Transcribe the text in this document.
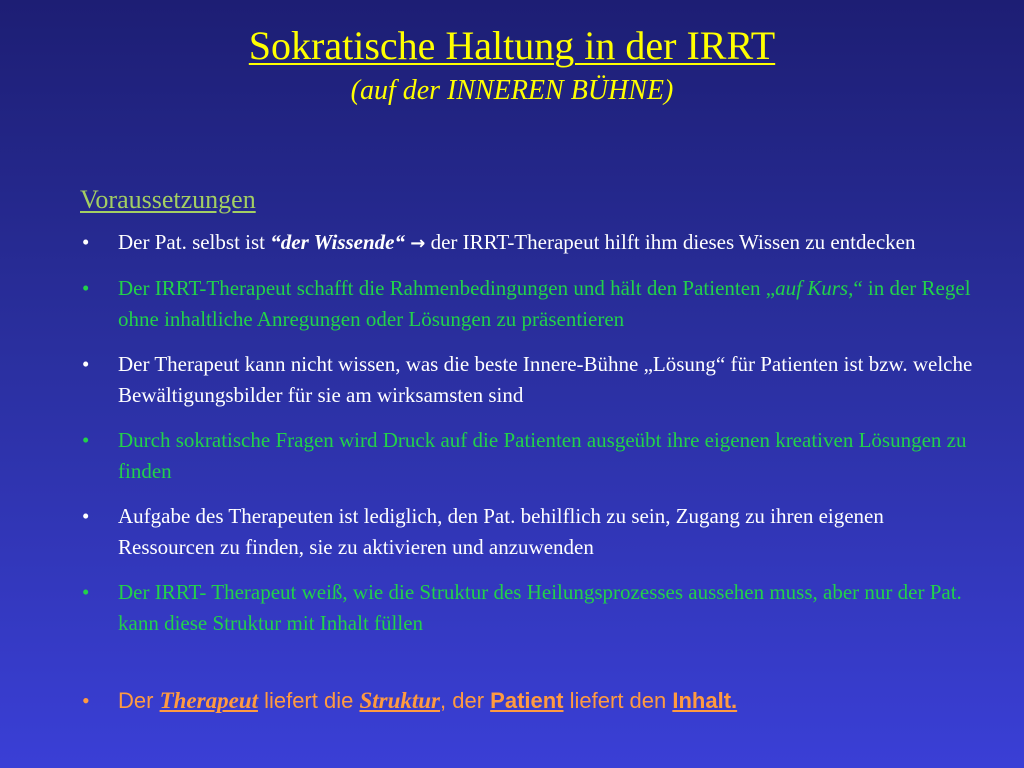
Sokratische Haltung in der IRRT
(auf der INNEREN BÜHNE)
Voraussetzungen
• Der Pat. selbst ist “der Wissende“ → der IRRT-Therapeut hilft ihm dieses Wissen zu entdecken
• Der IRRT-Therapeut schafft die Rahmenbedingungen und hält den Patienten „auf Kurs,“ in der Regel ohne inhaltliche Anregungen oder Lösungen zu präsentieren
• Der Therapeut kann nicht wissen, was die beste Innere-Bühne „Lösung“ für Patienten ist bzw. welche Bewältigungsbilder für sie am wirksamsten sind
• Durch sokratische Fragen wird Druck auf die Patienten ausgeübt ihre eigenen kreativen Lösungen zu finden
• Aufgabe des Therapeuten ist lediglich, den Pat. behilflich zu sein, Zugang zu ihren eigenen Ressourcen zu finden, sie zu aktivieren und anzuwenden
• Der IRRT- Therapeut weiß, wie die Struktur des Heilungsprozesses aussehen muss, aber nur der Pat. kann diese Struktur mit Inhalt füllen
• Der Therapeut liefert die Struktur, der Patient liefert den Inhalt.
